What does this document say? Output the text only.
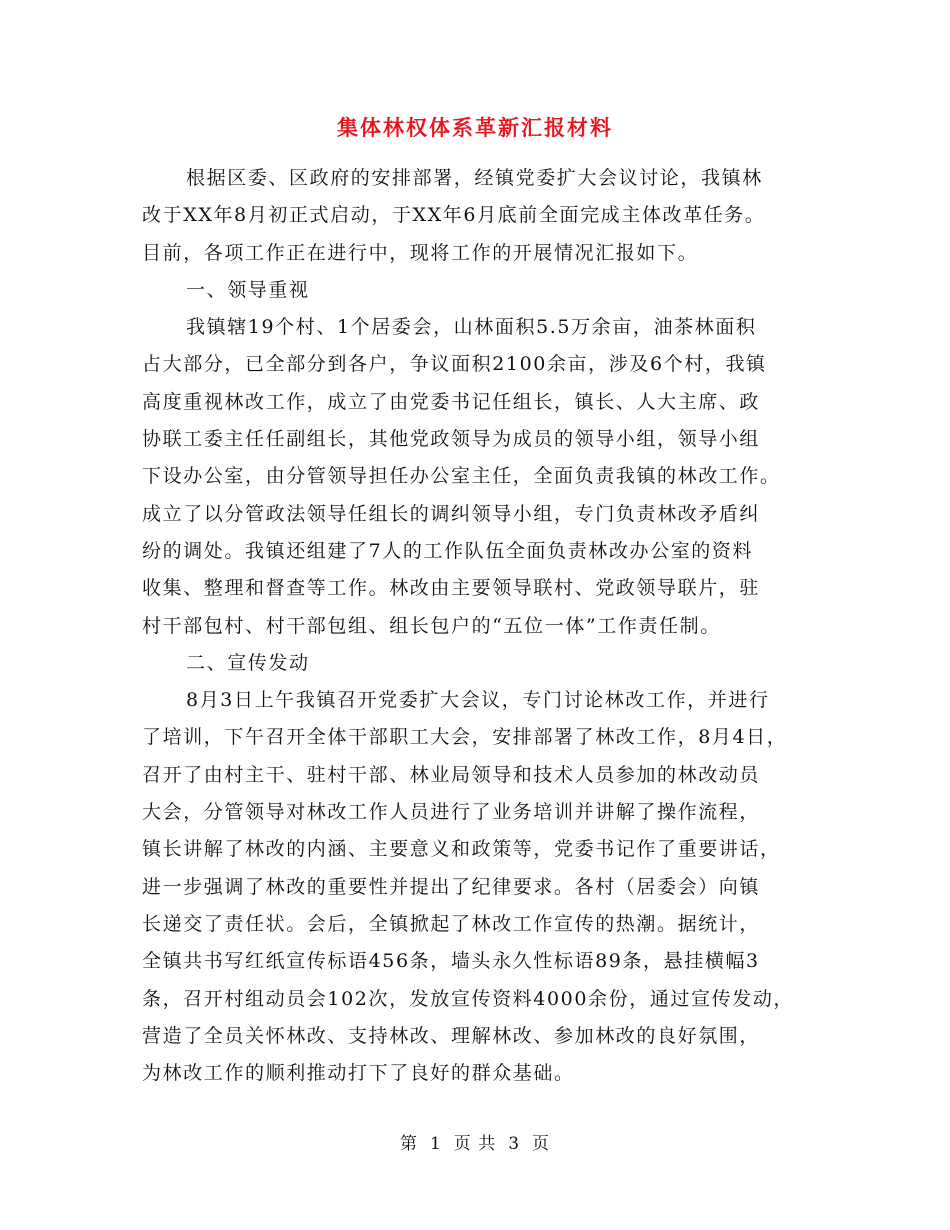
集体林权体系革新汇报材料
根据区委、区政府的安排部署，经镇党委扩大会议讨论，我镇林
改于XX年8月初正式启动，于XX年6月底前全面完成主体改革任务。
目前，各项工作正在进行中，现将工作的开展情况汇报如下。
一、领导重视
我镇辖19个村、1个居委会，山林面积5.5万余亩，油茶林面积
占大部分，已全部分到各户，争议面积2100余亩，涉及6个村，我镇
高度重视林改工作，成立了由党委书记任组长，镇长、人大主席、政
协联工委主任任副组长，其他党政领导为成员的领导小组，领导小组
下设办公室，由分管领导担任办公室主任，全面负责我镇的林改工作。
成立了以分管政法领导任组长的调纠领导小组，专门负责林改矛盾纠
纷的调处。我镇还组建了7人的工作队伍全面负责林改办公室的资料
收集、整理和督查等工作。林改由主要领导联村、党政领导联片，驻
村干部包村、村干部包组、组长包户的“五位一体”工作责任制。
二、宣传发动
8月3日上午我镇召开党委扩大会议，专门讨论林改工作，并进行
了培训，下午召开全体干部职工大会，安排部署了林改工作，8月4日，
召开了由村主干、驻村干部、林业局领导和技术人员参加的林改动员
大会，分管领导对林改工作人员进行了业务培训并讲解了操作流程，
镇长讲解了林改的内涵、主要意义和政策等，党委书记作了重要讲话，
进一步强调了林改的重要性并提出了纪律要求。各村（居委会）向镇
长递交了责任状。会后，全镇掀起了林改工作宣传的热潮。据统计，
全镇共书写红纸宣传标语456条，墙头永久性标语89条，悬挂横幅3
条，召开村组动员会102次，发放宣传资料4000余份，通过宣传发动，
营造了全员关怀林改、支持林改、理解林改、参加林改的良好氛围，
为林改工作的顺利推动打下了良好的群众基础。
第 1 页 共 3 页
